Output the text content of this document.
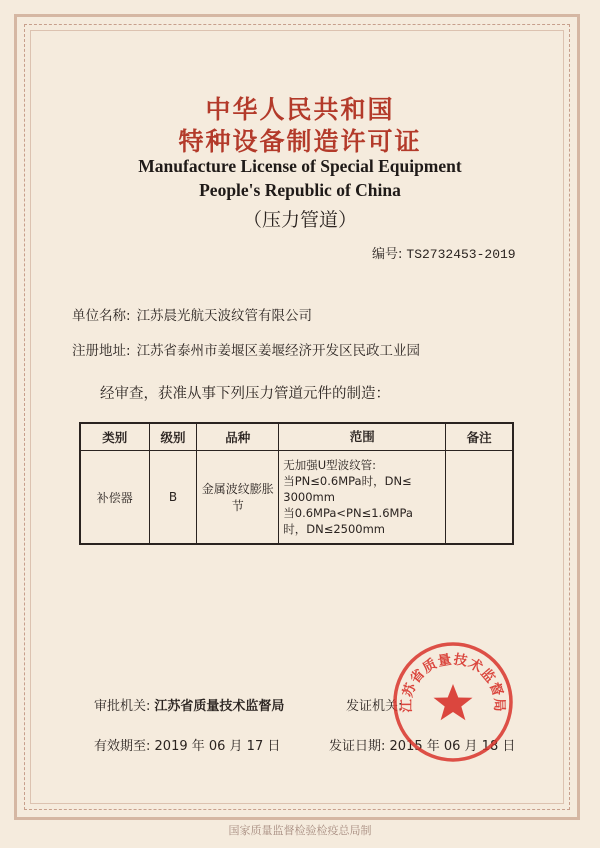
中华人民共和国
特种设备制造许可证
Manufacture License of Special Equipment
People's Republic of China
（压力管道）
编号: TS2732453-2019
单位名称: 江苏晨光航天波纹管有限公司
注册地址: 江苏省泰州市姜堰区姜堰经济开发区民政工业园
经审查，获准从事下列压力管道元件的制造：
类别	级别	品种	范围	备注
补偿器	B	金属波纹膨胀节	无加强U型波纹管:
当PN≤0.6MPa时，DN≤
3000mm
当0.6MPa<PN≤1.6MPa
时，DN≤2500mm	

审批机关: 江苏省质量技术监督局	发证机关:
有效期至: 2019 年 06 月 17 日	发证日期: 2015 年 06 月 18 日
江苏省质量技术监督局
国家质量监督检验检疫总局制
